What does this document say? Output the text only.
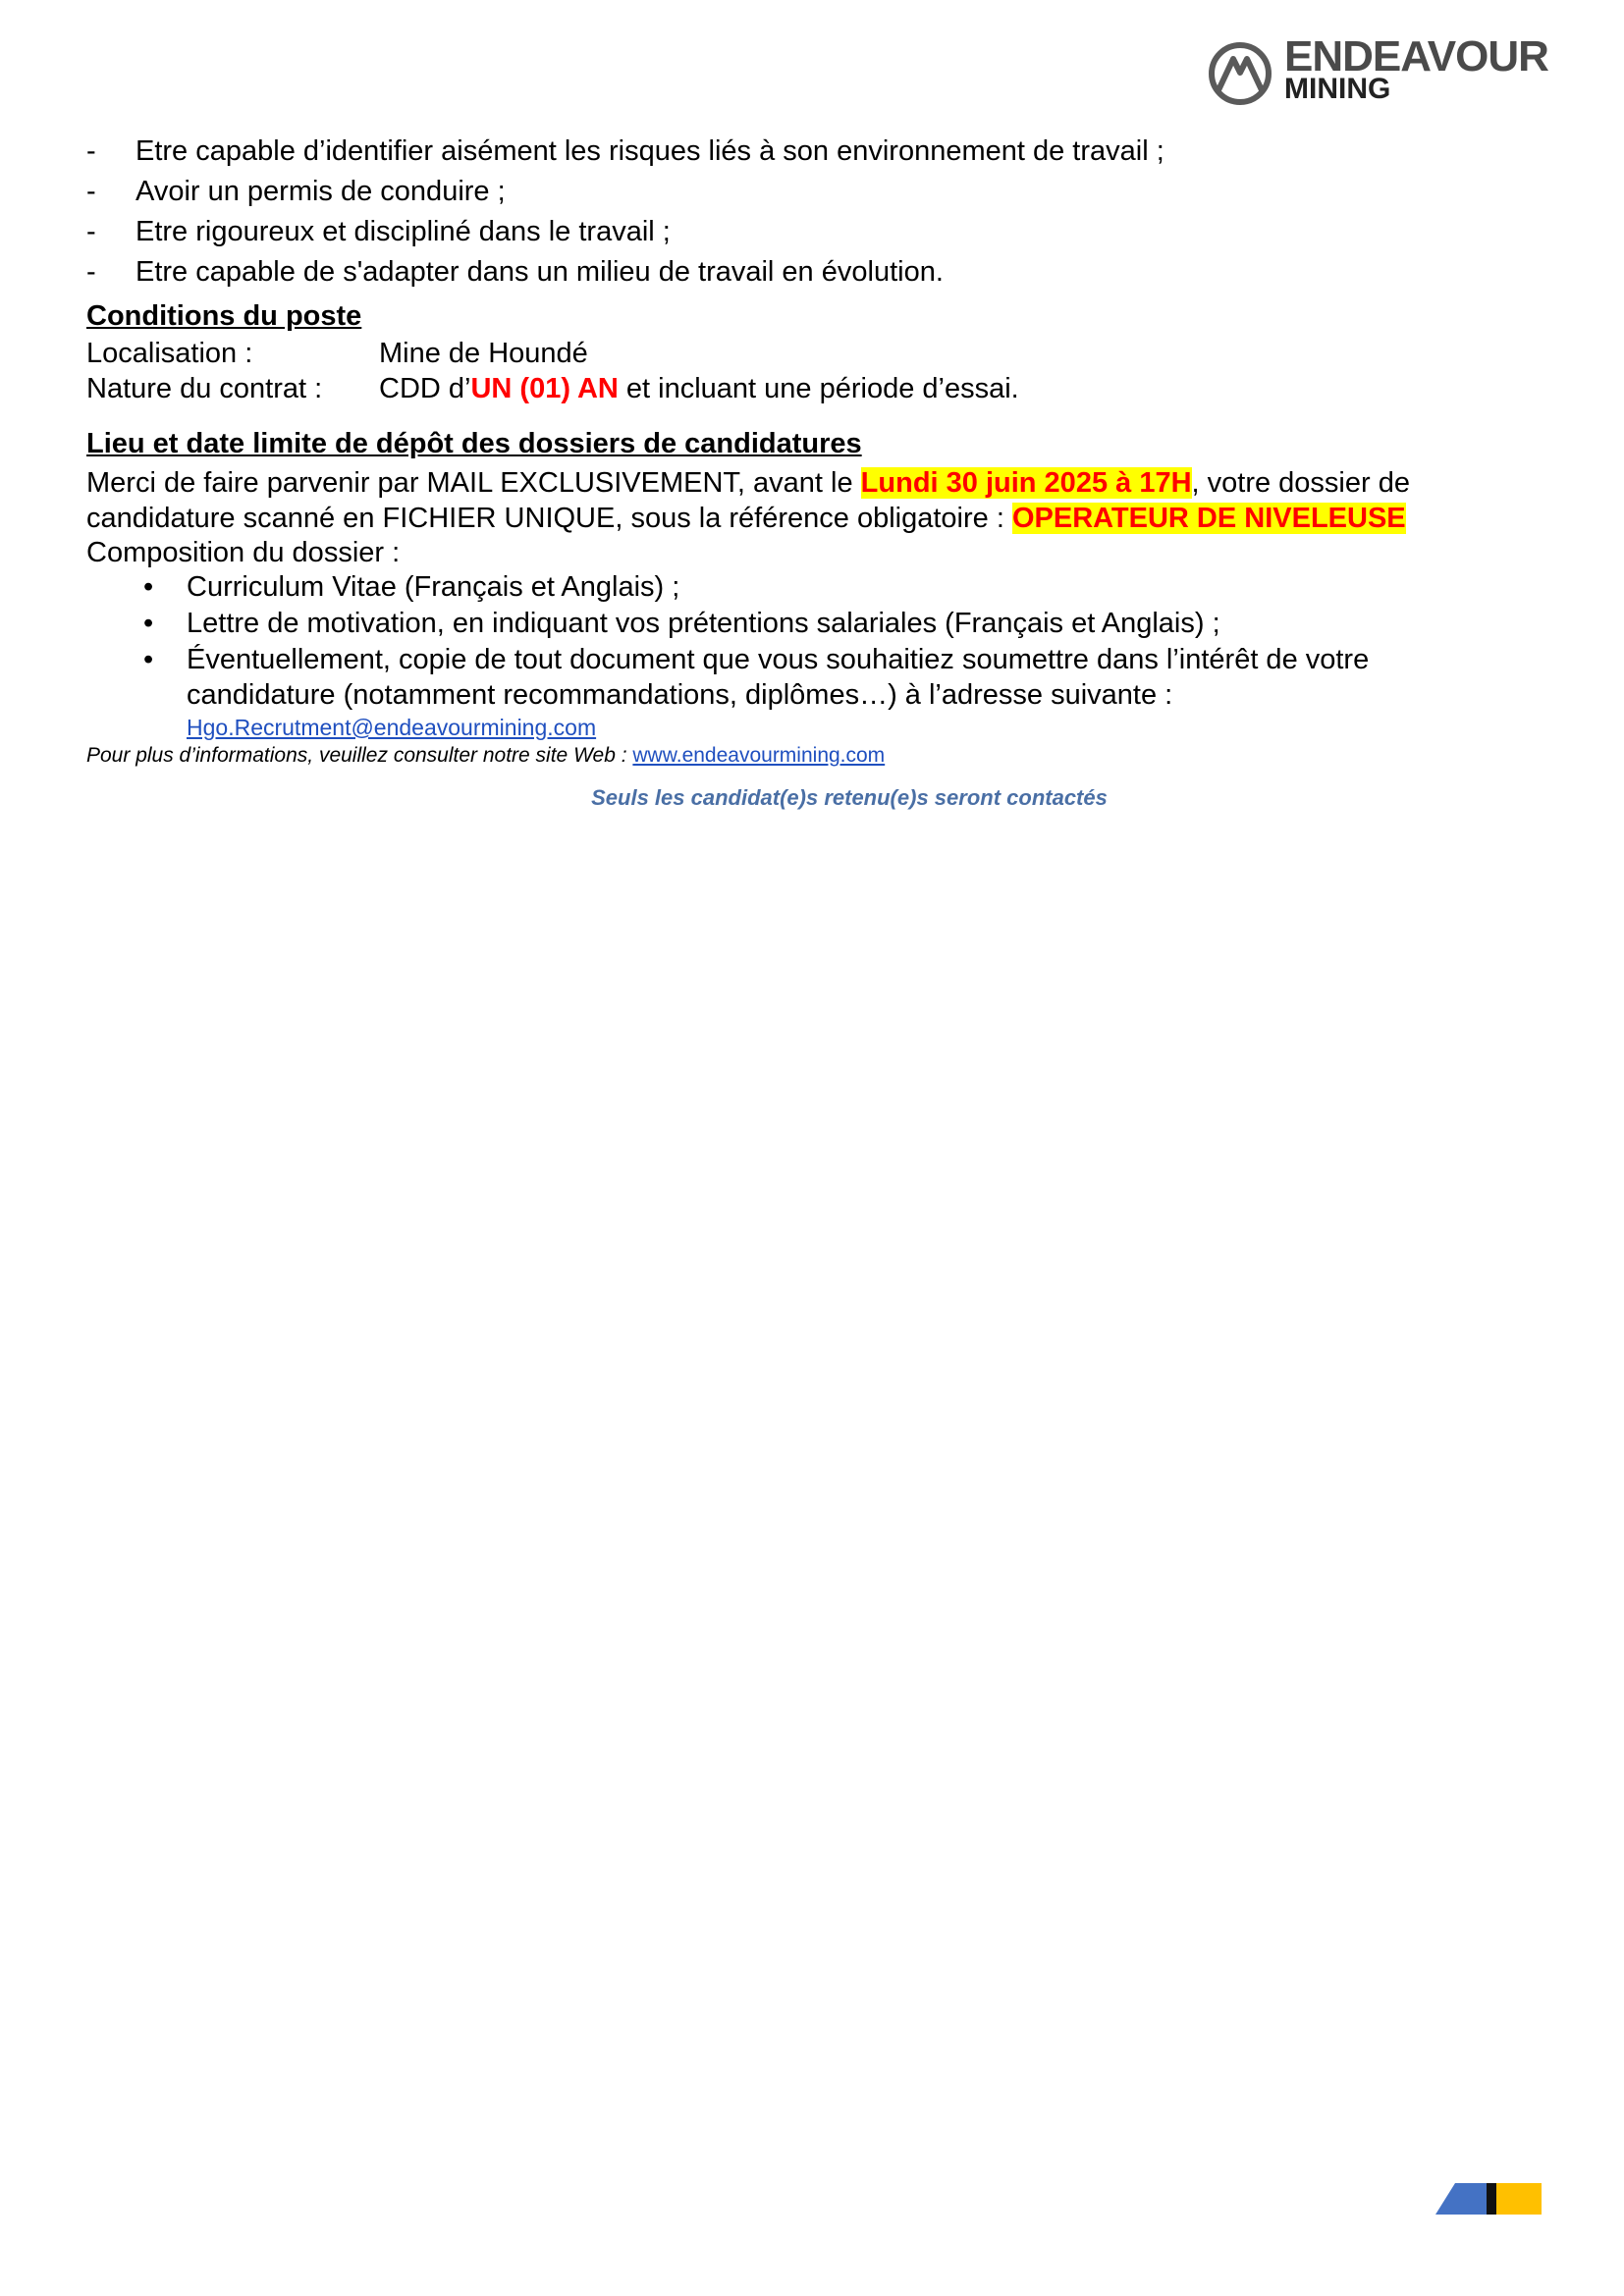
ENDEAVOUR
MINING
- Etre capable d’identifier aisément les risques liés à son environnement de travail ;
- Avoir un permis de conduire ;
- Etre rigoureux et discipliné dans le travail ;
- Etre capable de s'adapter dans un milieu de travail en évolution.
Conditions du poste
Localisation :	Mine de Houndé
Nature du contrat : CDD d’UN (01) AN et incluant une période d’essai.
Lieu et date limite de dépôt des dossiers de candidatures
Merci de faire parvenir par MAIL EXCLUSIVEMENT, avant le Lundi 30 juin 2025 à 17H, votre dossier de candidature scanné en FICHIER UNIQUE, sous la référence obligatoire : OPERATEUR DE NIVELEUSE
Composition du dossier :
• Curriculum Vitae (Français et Anglais) ;
• Lettre de motivation, en indiquant vos prétentions salariales (Français et Anglais) ;
• Éventuellement, copie de tout document que vous souhaitiez soumettre dans l’intérêt de votre candidature (notamment recommandations, diplômes…) à l’adresse suivante :
Hgo.Recrutment@endeavourmining.com
Pour plus d’informations, veuillez consulter notre site Web : www.endeavourmining.com
Seuls les candidat(e)s retenu(e)s seront contactés
